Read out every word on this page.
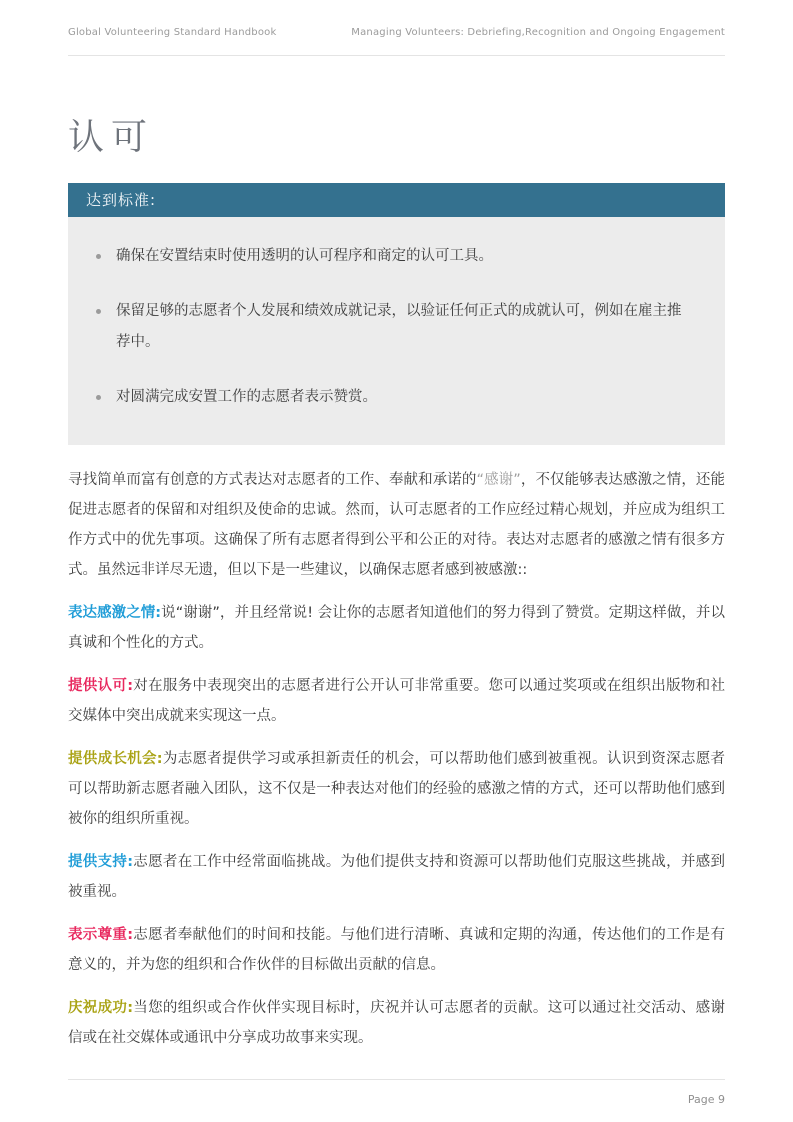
Global Volunteering Standard Handbook	Managing Volunteers: Debriefing,Recognition and Ongoing Engagement
认可
达到标准:
确保在安置结束时使用透明的认可程序和商定的认可工具。
保留足够的志愿者个人发展和绩效成就记录，以验证任何正式的成就认可，例如在雇主推荐中。
对圆满完成安置工作的志愿者表示赞赏。

寻找简单而富有创意的方式表达对志愿者的工作、奉献和承诺的“感谢”，不仅能够表达感激之情，还能促进志愿者的保留和对组织及使命的忠诚。然而，认可志愿者的工作应经过精心规划，并应成为组织工作方式中的优先事项。这确保了所有志愿者得到公平和公正的对待。表达对志愿者的感激之情有很多方式。虽然远非详尽无遗，但以下是一些建议，以确保志愿者感到被感激::

表达感激之情:说“谢谢”，并且经常说! 会让你的志愿者知道他们的努力得到了赞赏。定期这样做，并以真诚和个性化的方式。

提供认可:对在服务中表现突出的志愿者进行公开认可非常重要。您可以通过奖项或在组织出版物和社交媒体中突出成就来实现这一点。

提供成长机会:为志愿者提供学习或承担新责任的机会，可以帮助他们感到被重视。认识到资深志愿者可以帮助新志愿者融入团队，这不仅是一种表达对他们的经验的感激之情的方式，还可以帮助他们感到被你的组织所重视。

提供支持:志愿者在工作中经常面临挑战。为他们提供支持和资源可以帮助他们克服这些挑战，并感到被重视。

表示尊重:志愿者奉献他们的时间和技能。与他们进行清晰、真诚和定期的沟通，传达他们的工作是有意义的，并为您的组织和合作伙伴的目标做出贡献的信息。

庆祝成功:当您的组织或合作伙伴实现目标时，庆祝并认可志愿者的贡献。这可以通过社交活动、感谢信或在社交媒体或通讯中分享成功故事来实现。

Page 9
